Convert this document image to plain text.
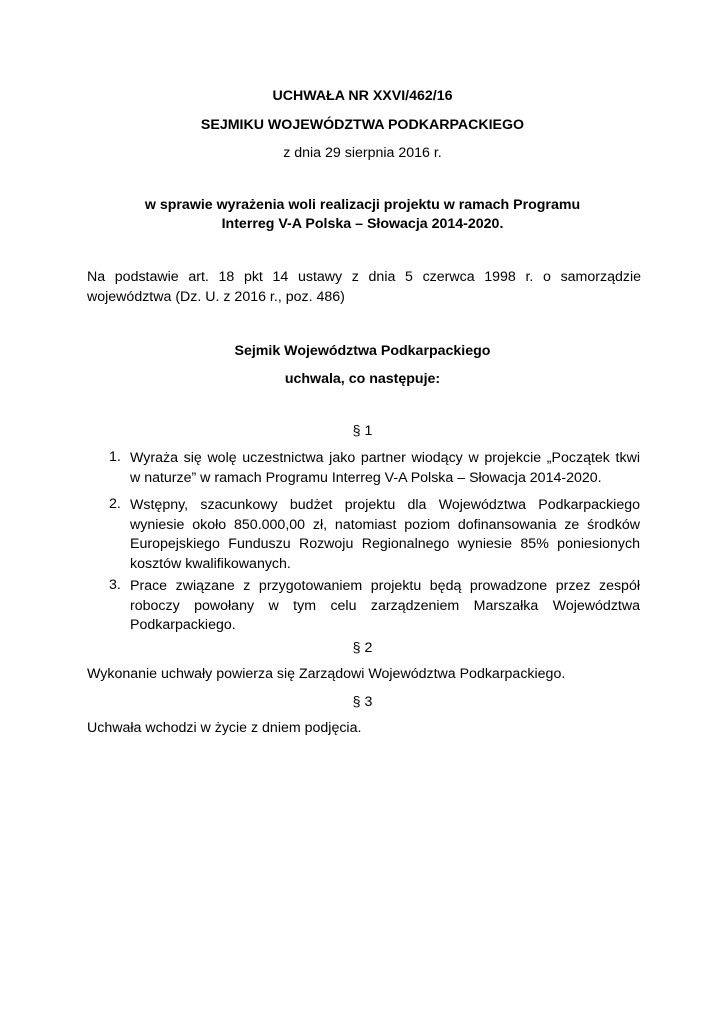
UCHWAŁA NR XXVI/462/16
SEJMIKU WOJEWÓDZTWA PODKARPACKIEGO
z dnia 29 sierpnia 2016 r.
w sprawie wyrażenia woli realizacji projektu w ramach Programu
Interreg V-A Polska – Słowacja 2014-2020.
Na podstawie art. 18 pkt 14 ustawy z dnia 5 czerwca 1998 r. o samorządzie
województwa (Dz. U. z 2016 r., poz. 486)
Sejmik Województwa Podkarpackiego
uchwala, co następuje:
§ 1
1. Wyraża się wolę uczestnictwa jako partner wiodący w projekcie „Początek tkwi
w naturze” w ramach Programu Interreg V-A Polska – Słowacja 2014-2020.
2. Wstępny, szacunkowy budżet projektu dla Województwa Podkarpackiego
wyniesie około 850.000,00 zł, natomiast poziom dofinansowania ze środków
Europejskiego Funduszu Rozwoju Regionalnego wyniesie 85% poniesionych
kosztów kwalifikowanych.
3. Prace związane z przygotowaniem projektu będą prowadzone przez zespół
roboczy powołany w tym celu zarządzeniem Marszałka Województwa
Podkarpackiego.
§ 2
Wykonanie uchwały powierza się Zarządowi Województwa Podkarpackiego.
§ 3
Uchwała wchodzi w życie z dniem podjęcia.
